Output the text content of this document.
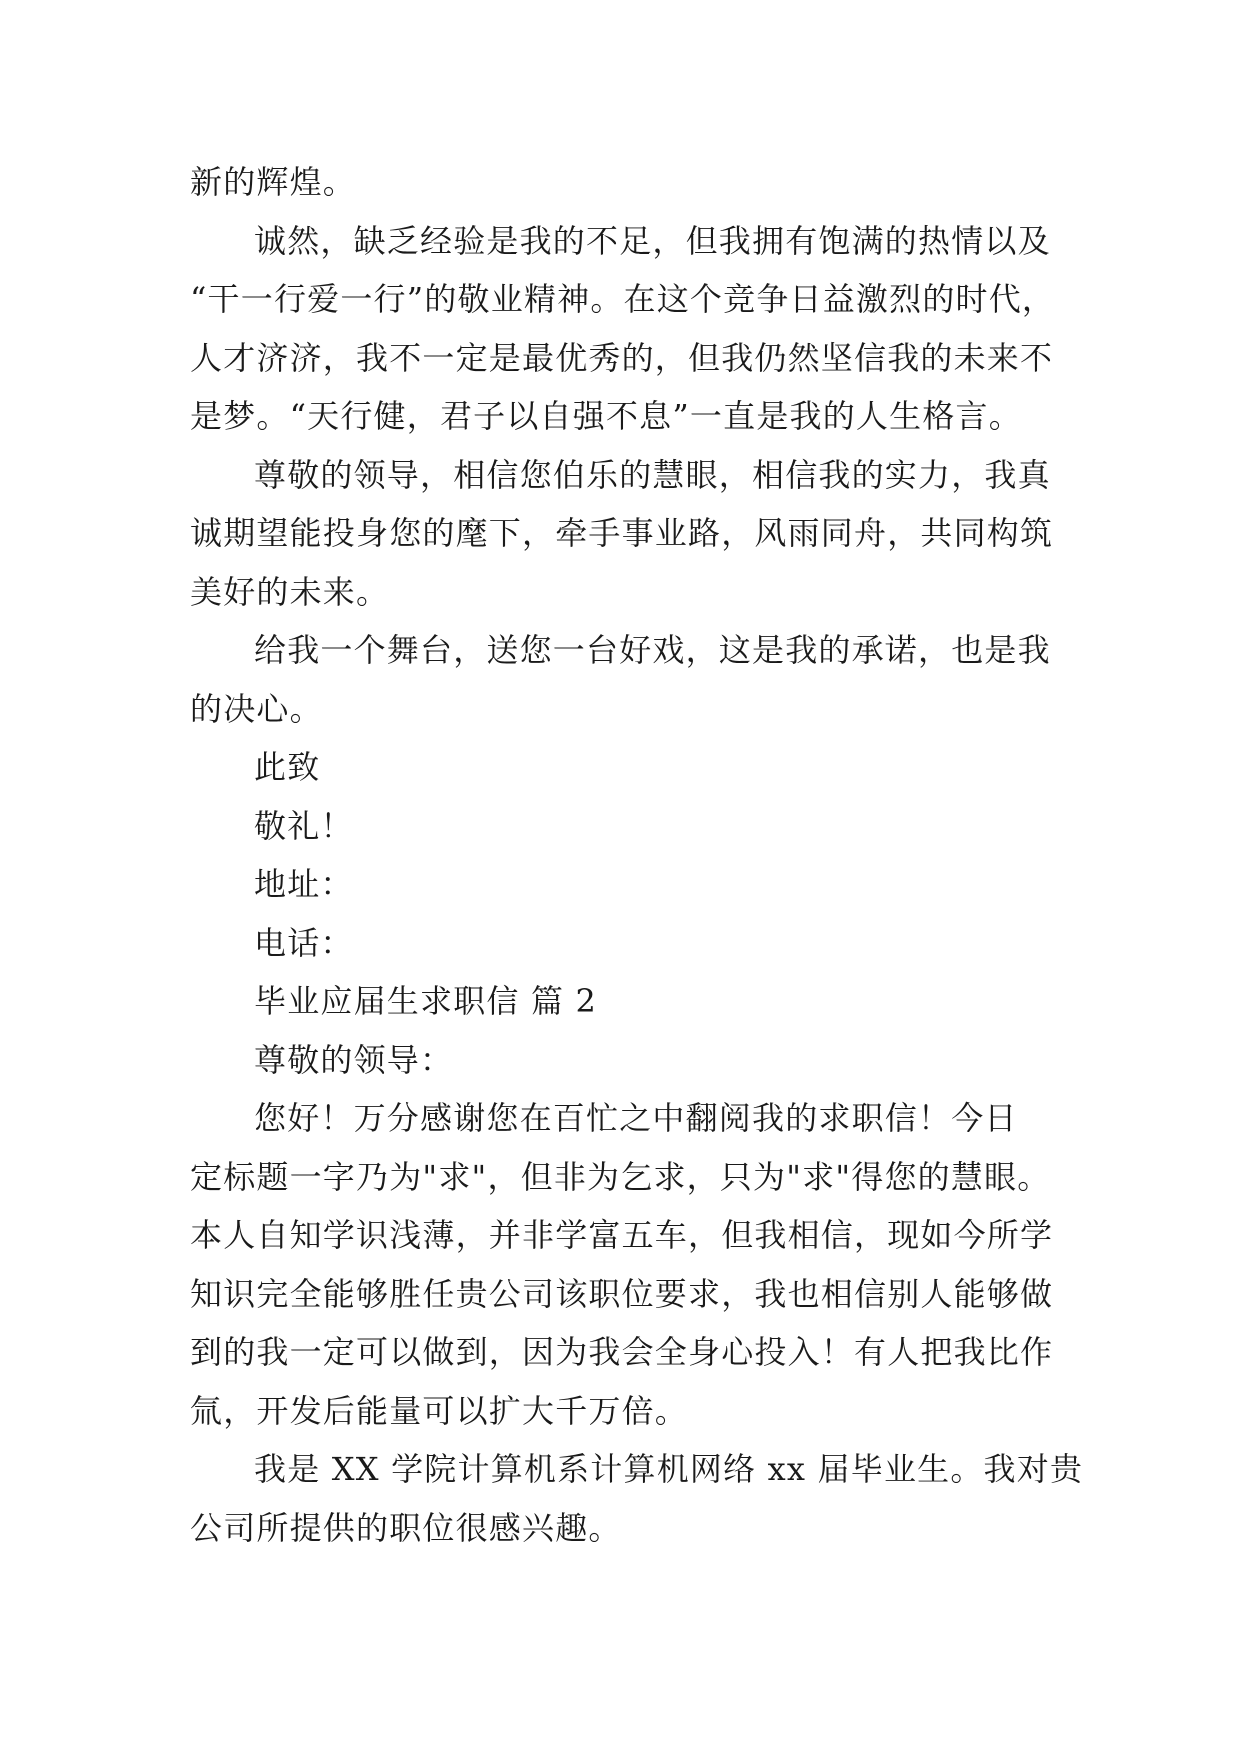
新的辉煌。
诚然，缺乏经验是我的不足，但我拥有饱满的热情以及
“干一行爱一行”的敬业精神。在这个竞争日益激烈的时代，
人才济济，我不一定是最优秀的，但我仍然坚信我的未来不
是梦。“天行健，君子以自强不息”一直是我的人生格言。
尊敬的领导，相信您伯乐的慧眼，相信我的实力，我真
诚期望能投身您的麾下，牵手事业路，风雨同舟，共同构筑
美好的未来。
给我一个舞台，送您一台好戏，这是我的承诺，也是我
的决心。
此致
敬礼！
地址：
电话：
毕业应届生求职信 篇 2
尊敬的领导：
您好！万分感谢您在百忙之中翻阅我的求职信！今日
定标题一字乃为"求"，但非为乞求，只为"求"得您的慧眼。
本人自知学识浅薄，并非学富五车，但我相信，现如今所学
知识完全能够胜任贵公司该职位要求，我也相信别人能够做
到的我一定可以做到，因为我会全身心投入！有人把我比作
氚，开发后能量可以扩大千万倍。
我是 XX 学院计算机系计算机网络 xx 届毕业生。我对贵
公司所提供的职位很感兴趣。
